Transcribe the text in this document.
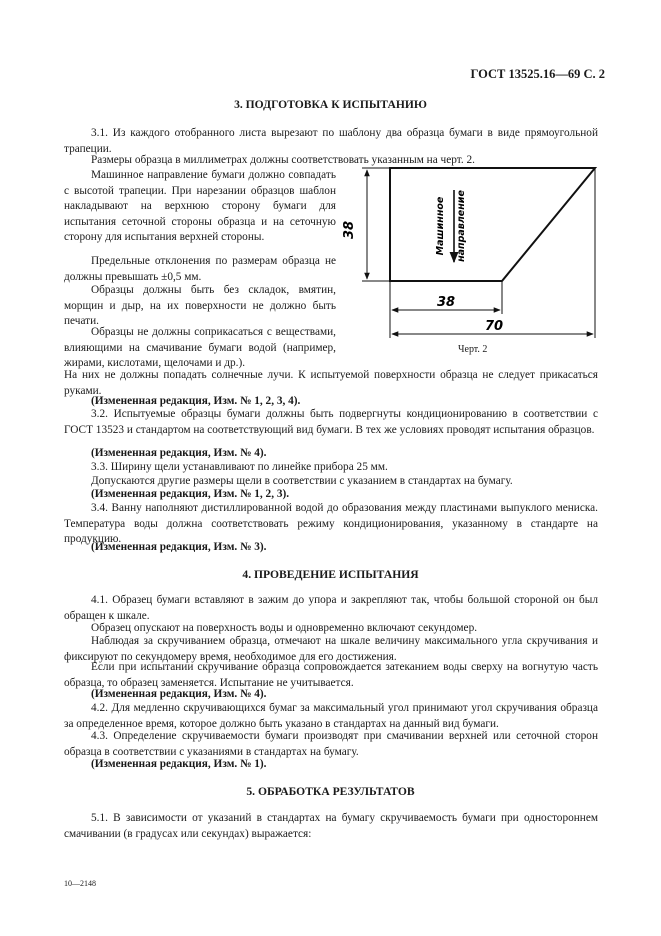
ГОСТ 13525.16—69 С. 2
3. ПОДГОТОВКА К ИСПЫТАНИЮ
3.1. Из каждого отобранного листа вырезают по шаблону два образца бумаги в виде прямоугольной трапеции.
Размеры образца в миллиметрах должны соответствовать указанным на черт. 2.
Машинное направление бумаги должно совпадать с высотой трапеции. При нарезании образцов шаблон накладывают на верхнюю сторону бумаги для испытания сеточной стороны образца и на сеточную сторону для испытания верхней стороны.
Предельные отклонения по размерам образца не должны превышать ±0,5 мм.
Образцы должны быть без складок, вмятин, морщин и дыр, на их поверхности не должно быть печати.
Образцы не должны соприкасаться с веществами, влияющими на смачивание бумаги водой (например, жирами, кислотами, щелочами и др.).
На них не должны попадать солнечные лучи. К испытуемой поверхности образца не следует прикасаться руками.
(Измененная редакция, Изм. № 1, 2, 3, 4).
3.2. Испытуемые образцы бумаги должны быть подвергнуты кондиционированию в соответствии с ГОСТ 13523 и стандартом на соответствующий вид бумаги. В тех же условиях проводят испытания образцов.
(Измененная редакция, Изм. № 4).
3.3. Ширину щели устанавливают по линейке прибора 25 мм.
Допускаются другие размеры щели в соответствии с указанием в стандартах на бумагу.
(Измененная редакция, Изм. № 1, 2, 3).
3.4. Ванну наполняют дистиллированной водой до образования между пластинами выпуклого мениска. Температура воды должна соответствовать режиму кондиционирования, указанному в стандарте на продукцию.
(Измененная редакция, Изм. № 3).
4. ПРОВЕДЕНИЕ ИСПЫТАНИЯ
4.1. Образец бумаги вставляют в зажим до упора и закрепляют так, чтобы большой стороной он был обращен к шкале.
Образец опускают на поверхность воды и одновременно включают секундомер.
Наблюдая за скручиванием образца, отмечают на шкале величину максимального угла скручивания и фиксируют по секундомеру время, необходимое для его достижения.
Если при испытании скручивание образца сопровождается затеканием воды сверху на вогнутую часть образца, то образец заменяется. Испытание не учитывается.
(Измененная редакция, Изм. № 4).
4.2. Для медленно скручивающихся бумаг за максимальный угол принимают угол скручивания образца за определенное время, которое должно быть указано в стандартах на данный вид бумаги.
4.3. Определение скручиваемости бумаги производят при смачивании верхней или сеточной сторон образца в соответствии с указаниями в стандартах на бумагу.
(Измененная редакция, Изм. № 1).
5. ОБРАБОТКА РЕЗУЛЬТАТОВ
5.1. В зависимости от указаний в стандартах на бумагу скручиваемость бумаги при одностороннем смачивании (в градусах или секундах) выражается:
38
38
70
Машинное направление
Черт. 2
10—2148
